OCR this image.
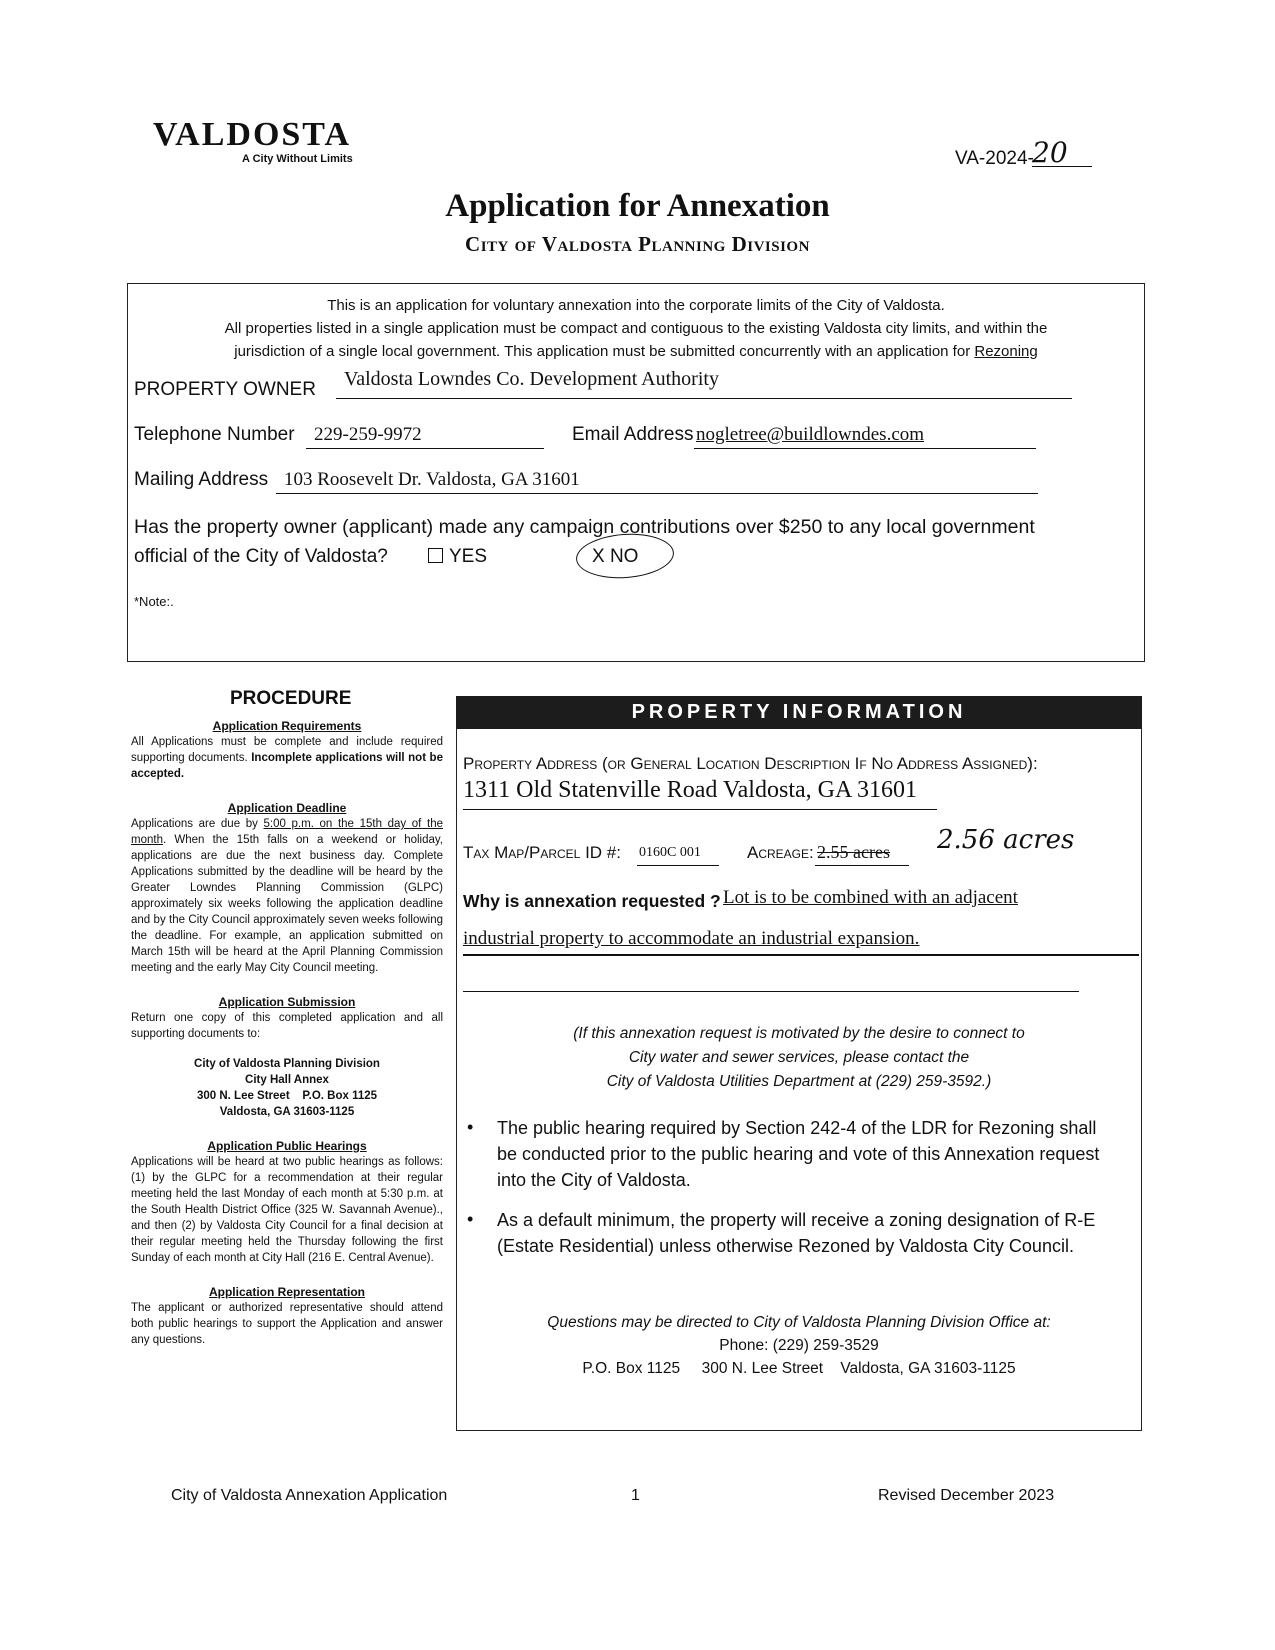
VALDOSTA
A City Without Limits	VA-2024-
20
Application for Annexation
City of Valdosta Planning Division
This is an application for voluntary annexation into the corporate limits of the City of Valdosta.
All properties listed in a single application must be compact and contiguous to the existing Valdosta city limits, and within the
jurisdiction of a single local government. This application must be submitted concurrently with an application for Rezoning
PROPERTY OWNER Valdosta Lowndes Co. Development Authority
Telephone Number 229-259-9972	Email Address nogletree@buildlowndes.com
Mailing Address 103 Roosevelt Dr. Valdosta, GA 31601
Has the property owner (applicant) made any campaign contributions over $250 to any local government
official of the City of Valdosta?	YES	X NO
*Note:.
PROCEDURE
Application Requirements
All Applications must be complete and include required supporting documents. Incomplete applications will not be accepted.
Application Deadline
Applications are due by 5:00 p.m. on the 15th day of the month. When the 15th falls on a weekend or holiday, applications are due the next business day. Complete Applications submitted by the deadline will be heard by the Greater Lowndes Planning Commission (GLPC) approximately six weeks following the application deadline and by the City Council approximately seven weeks following the deadline. For example, an application submitted on March 15th will be heard at the April Planning Commission meeting and the early May City Council meeting.
Application Submission
Return one copy of this completed application and all supporting documents to:
City of Valdosta Planning Division
City Hall Annex
300 N. Lee Street    P.O. Box 1125
Valdosta, GA 31603-1125
Application Public Hearings
Applications will be heard at two public hearings as follows: (1) by the GLPC for a recommendation at their regular meeting held the last Monday of each month at 5:30 p.m. at the South Health District Office (325 W. Savannah Avenue)., and then (2) by Valdosta City Council for a final decision at their regular meeting held the Thursday following the first Sunday of each month at City Hall (216 E. Central Avenue).
Application Representation
The applicant or authorized representative should attend both public hearings to support the Application and answer any questions.
PROPERTY INFORMATION
Property Address (or General Location Description If No Address Assigned):
1311 Old Statenville Road Valdosta, GA 31601
Tax Map/Parcel ID #: 0160C 001	Acreage: 2.55 acres 2.56 acres
Why is annexation requested ? Lot is to be combined with an adjacent
industrial property to accommodate an industrial expansion.
(If this annexation request is motivated by the desire to connect to
City water and sewer services, please contact the
City of Valdosta Utilities Department at (229) 259-3592.)
• The public hearing required by Section 242-4 of the LDR for Rezoning shall be conducted prior to the public hearing and vote of this Annexation request into the City of Valdosta.
• As a default minimum, the property will receive a zoning designation of R-E (Estate Residential) unless otherwise Rezoned by Valdosta City Council.
Questions may be directed to City of Valdosta Planning Division Office at:
Phone: (229) 259-3529
P.O. Box 1125     300 N. Lee Street    Valdosta, GA 31603-1125
City of Valdosta Annexation Application	1	Revised December 2023
